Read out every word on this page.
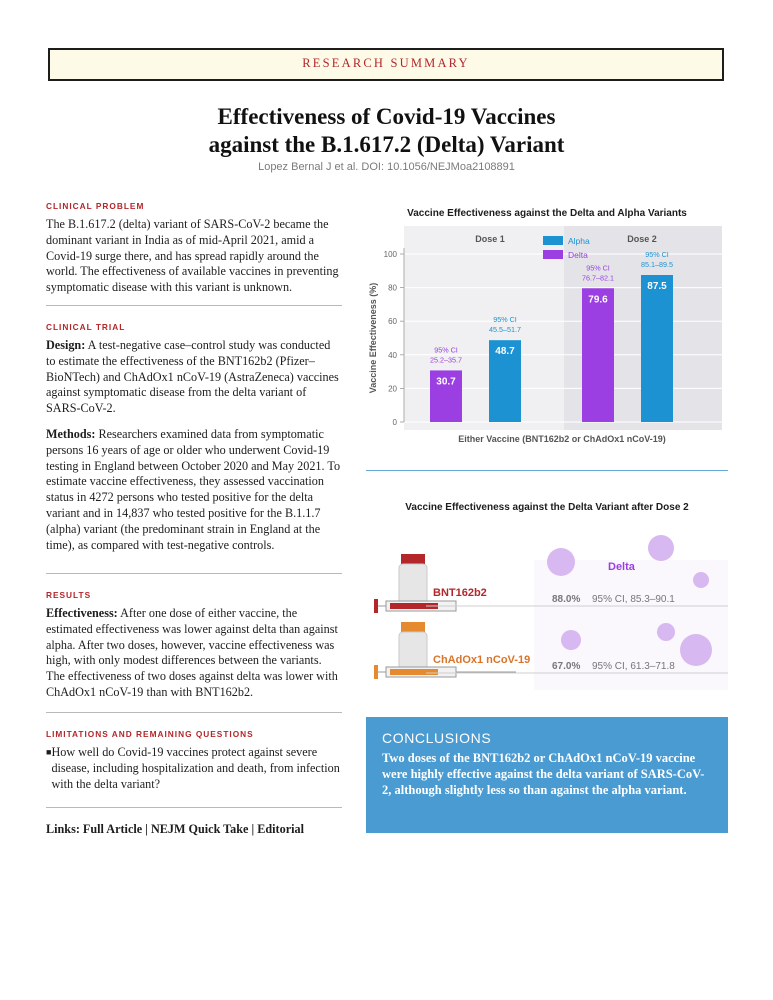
RESEARCH SUMMARY
Effectiveness of Covid-19 Vaccines
against the B.1.617.2 (Delta) Variant
Lopez Bernal J et al. DOI: 10.1056/NEJMoa2108891
CLINICAL PROBLEM
The B.1.617.2 (delta) variant of SARS-CoV-2 became the dominant variant in India as of mid-April 2021, amid a Covid-19 surge there, and has spread rapidly around the world. The effectiveness of available vaccines in preventing symptomatic disease with this variant is unknown.
CLINICAL TRIAL
Design: A test-negative case–control study was conducted to estimate the effectiveness of the BNT162b2 (Pfizer–BioNTech) and ChAdOx1 nCoV-19 (AstraZeneca) vaccines against symptomatic disease from the delta variant of SARS-CoV-2.
Methods: Researchers examined data from symptomatic persons 16 years of age or older who underwent Covid-19 testing in England between October 2020 and May 2021. To estimate vaccine effectiveness, they assessed vaccination status in 4272 persons who tested positive for the delta variant and in 14,837 who tested positive for the B.1.1.7 (alpha) variant (the predominant strain in England at the time), as compared with test-negative controls.
RESULTS
Effectiveness: After one dose of either vaccine, the estimated effectiveness was lower against delta than against alpha. After two doses, however, vaccine effectiveness was high, with only modest differences between the variants. The effectiveness of two doses against delta was lower with ChAdOx1 nCoV-19 than with BNT162b2.
LIMITATIONS AND REMAINING QUESTIONS
■ How well do Covid-19 vaccines protect against severe disease, including hospitalization and death, from infection with the delta variant?
Links: Full Article | NEJM Quick Take | Editorial
Vaccine Effectiveness against the Delta and Alpha Variants
0
20
40
60
80
100
Vaccine Effectiveness (%)
Either Vaccine (BNT162b2 or ChAdOx1 nCoV-19)
Dose 1	Dose 2
Alpha
Delta
30.7
95% CI
25.2–35.7
48.7
95% CI
45.5–51.7
79.6
95% CI
76.7–82.1
87.5
95% CI
85.1–89.5
Vaccine Effectiveness against the Delta Variant after Dose 2
Delta
BNT162b2
88.0% 95% CI, 85.3–90.1
ChAdOx1 nCoV-19
67.0% 95% CI, 61.3–71.8
CONCLUSIONS
Two doses of the BNT162b2 or ChAdOx1 nCoV-19 vaccine were highly effective against the delta variant of SARS-CoV-2, although slightly less so than against the alpha variant.
